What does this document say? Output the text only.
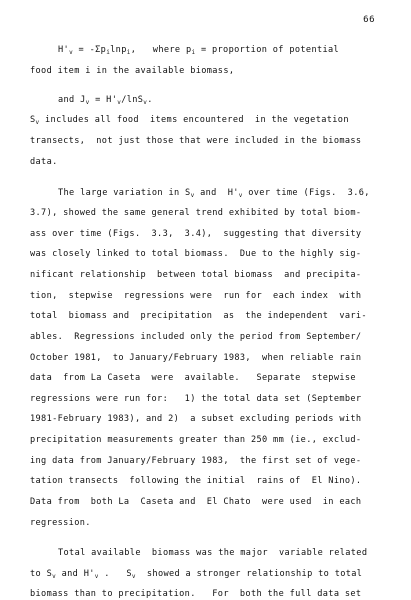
66
$H'_v = -\Sigma p_i\ln p_i$,   where $p_i$ = proportion of potential
food item i in the available biomass,
and $J_v = H'_v/\ln S_v$.
$S_v$ includes all food  items encountered  in the vegetation
transects,  not just those that were included in the biomass
data.
The large variation in $S_v$ and  $H'_v$ over time (Figs.  3.6,
3.7), showed the same general trend exhibited by total biom-
ass over time (Figs.  3.3,  3.4),  suggesting that diversity
was closely linked to total biomass.  Due to the highly sig-
nificant relationship  between total biomass  and precipita-
tion,  stepwise  regressions were  run for  each index  with
total  biomass and  precipitation  as  the independent  vari-
ables.  Regressions included only the period from September/
October 1981,  to January/February 1983,  when reliable rain
data  from La Caseta  were  available.   Separate  stepwise
regressions were run for:   1) the total data set (September
1981-February 1983), and 2)  a subset excluding periods with
precipitation measurements greater than 250 mm (ie., exclud-
ing data from January/February 1983,  the first set of vege-
tation transects  following the initial  rains of  El Nino).
Data from  both La  Caseta and  El Chato  were used  in each
regression.
Total available  biomass was the major  variable related
to $S_v$ and $H'_v$ .   $S_v$  showed a stronger relationship to total
biomass than to precipitation.   For  both the full data set
